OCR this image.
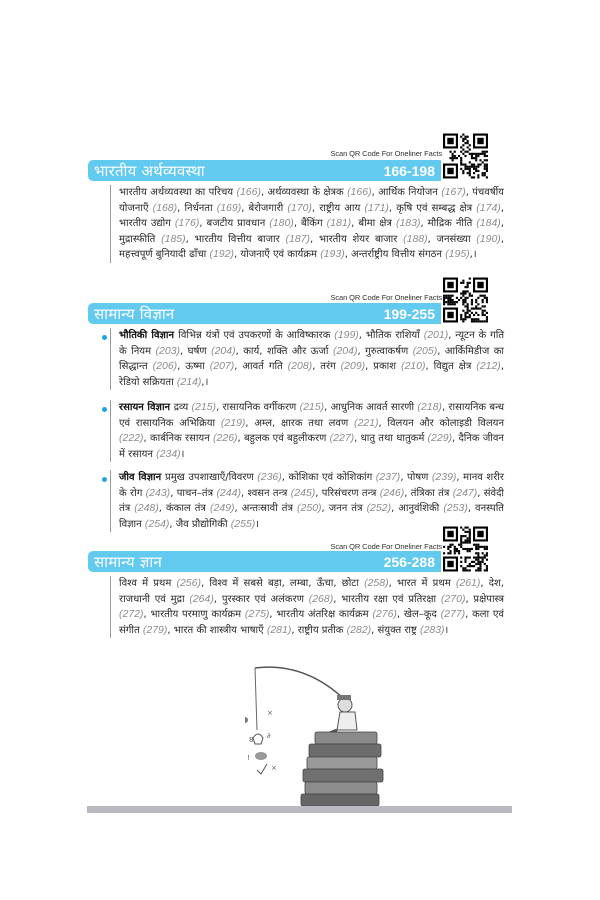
Scan QR Code For Oneliner Facts
भारतीय अर्थव्यवस्था	166-198
भारतीय अर्थव्यवस्था का परिचय (166), अर्थव्यवस्था के क्षेत्रक (166), आर्थिक नियोजन (167), पंचवर्षीय योजनाएँ (168), निर्धनता (169), बेरोजगारी (170), राष्ट्रीय आय (171), कृषि एवं सम्बद्ध क्षेत्र (174), भारतीय उद्योग (176), बजटीय प्रावधान (180), बैंकिंग (181), बीमा क्षेत्र (183), मौद्रिक नीति (184), मुद्रास्फीति (185), भारतीय वित्तीय बाजार (187), भारतीय शेयर बाजार (188), जनसंख्या (190), महत्त्वपूर्ण बुनियादी ढाँचा (192), योजनाएँ एवं कार्यक्रम (193), अन्तर्राष्ट्रीय वित्तीय संगठन (195),।
Scan QR Code For Oneliner Facts
सामान्य विज्ञान	199-255
भौतिकी विज्ञान विभिन्न यंत्रों एवं उपकरणों के आविष्कारक (199), भौतिक राशियाँ (201), न्यूटन के गति के नियम (203), घर्षण (204), कार्य, शक्ति और ऊर्जा (204), गुरुत्वाकर्षण (205), आर्किमिडीज का सिद्धान्त (206), ऊष्मा (207), आवर्त गति (208), तरंग (209), प्रकाश (210), विद्युत क्षेत्र (212), रेडियो सक्रियता (214),।
रसायन विज्ञान द्रव्य (215), रासायनिक वर्गीकरण (215), आधुनिक आवर्त सारणी (218), रासायनिक बन्ध एवं रासायनिक अभिक्रिया (219), अम्ल, क्षारक तथा लवण (221), विलयन और कोलाइडी विलयन (222), कार्बनिक रसायन (226), बहुलक एवं बहुलीकरण (227), धातु तथा धातुकर्म (229), दैनिक जीवन में रसायन (234)।
जीव विज्ञान प्रमुख उपशाखाएँ/विवरण (236), कोशिका एवं कोशिकांग (237), पोषण (239), मानव शरीर के रोग (243), पाचन–तंत्र (244), श्वसन तन्त्र (245), परिसंचरण तन्त्र (246), तंत्रिका तंत्र (247), संवेदी तंत्र (248), कंकाल तंत्र (249), अन्तःस्रावी तंत्र (250), जनन तंत्र (252), आनुवंशिकी (253), वनस्पति विज्ञान (254), जैव प्रौद्योगिकी (255)।
Scan QR Code For Oneliner Facts
सामान्य ज्ञान	256-288
विश्व में प्रथम (256), विश्व में सबसे बड़ा, लम्बा, ऊँचा, छोटा (258), भारत में प्रथम (261), देश, राजधानी एवं मुद्रा (264), पुरस्कार एवं अलंकरण (268), भारतीय रक्षा एवं प्रतिरक्षा (270), प्रक्षेपास्त्र (272), भारतीय परमाणु कार्यक्रम (275), भारतीय अंतरिक्ष कार्यक्रम (276), खेल–कूद (277), कला एवं संगीत (279), भारत की शास्त्रीय भाषाएँ (281), राष्ट्रीय प्रतीक (282), संयुक्त राष्ट्र (283)।
×
8 ∂
!
×
